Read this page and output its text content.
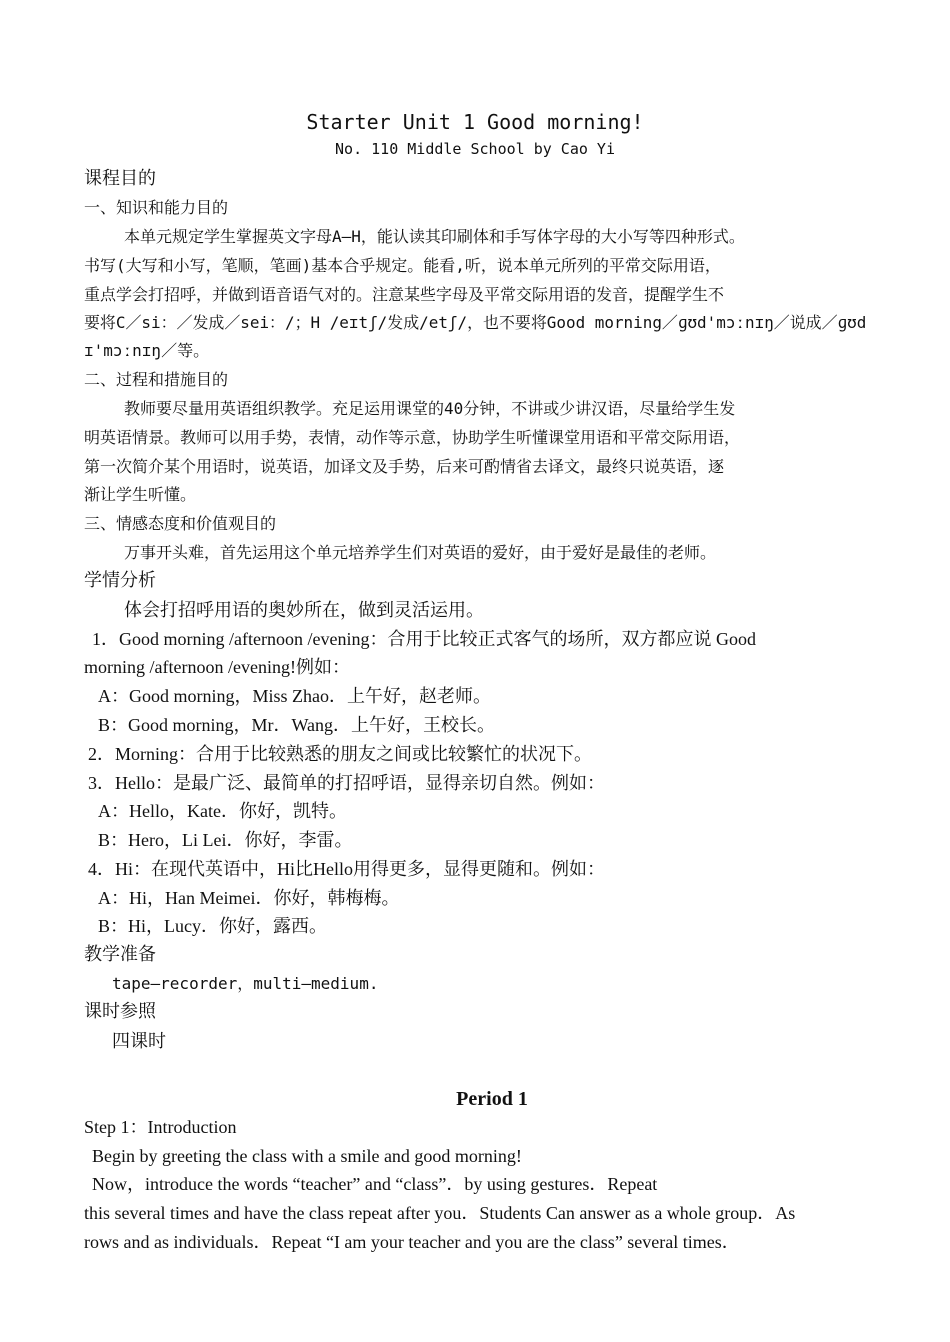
Starter Unit 1 Good morning!
No. 110 Middle School by Cao Yi
课程目的
一、知识和能力目的
本单元规定学生掌握英文字母A—H，能认读其印刷体和手写体字母的大小写等四种形式。
书写(大写和小写，笔顺，笔画)基本合乎规定。能看,听，说本单元所列的平常交际用语，
重点学会打招呼，并做到语音语气对的。注意某些字母及平常交际用语的发音，提醒学生不
要将C／si：／发成／sei：/；H /eɪtʃ/发成/etʃ/，也不要将Good morning／ɡʊd'mɔːnɪŋ／说成／ɡʊd
ɪ'mɔːnɪŋ／等。
二、过程和措施目的
教师要尽量用英语组织教学。充足运用课堂的40分钟，不讲或少讲汉语，尽量给学生发
明英语情景。教师可以用手势，表情，动作等示意，协助学生听懂课堂用语和平常交际用语，
第一次简介某个用语时，说英语，加译文及手势，后来可酌情省去译文，最终只说英语，逐
渐让学生听懂。
三、情感态度和价值观目的
万事开头难，首先运用这个单元培养学生们对英语的爱好，由于爱好是最佳的老师。
学情分析
体会打招呼用语的奥妙所在，做到灵活运用。
1．Good morning /afternoon /evening：合用于比较正式客气的场所，双方都应说 Good
morning /afternoon /evening!例如：
A：Good morning，Miss Zhao．上午好，赵老师。
B：Good morning，Mr．Wang．上午好，王校长。
2．Morning：合用于比较熟悉的朋友之间或比较繁忙的状况下。
3．Hello：是最广泛、最简单的打招呼语，显得亲切自然。例如：
A：Hello，Kate．你好，凯特。
B：Hero，Li Lei．你好，李雷。
4．Hi：在现代英语中，Hi比Hello用得更多，显得更随和。例如：
A：Hi，Han Meimei．你好，韩梅梅。
B：Hi，Lucy．你好，露西。
教学准备
tape—recorder，multi—medium.
课时参照
四课时
Period 1
Step 1：Introduction
Begin by greeting the class with a smile and good morning!
Now，introduce the words “teacher” and “class”．by using gestures．Repeat
this several times and have the class repeat after you．Students Can answer as a whole group．As
rows and as individuals．Repeat “I am your teacher and you are the class” several times．
